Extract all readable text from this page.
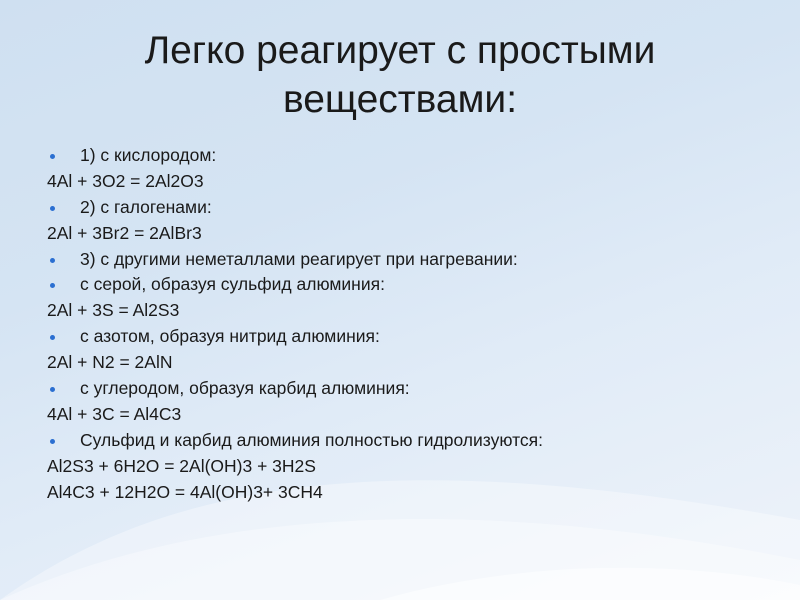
Легко реагирует с простыми веществами:
1) с кислородом:
4Al + 3O2 = 2Al2O3
2) с галогенами:
2Al + 3Br2 = 2AlBr3
3) с другими неметаллами реагирует при нагревании:
с серой, образуя сульфид алюминия:
2Al + 3S = Al2S3
с азотом, образуя нитрид алюминия:
2Al + N2 = 2AlN
с углеродом, образуя карбид алюминия:
4Al + 3C = Al4C3
Сульфид и карбид алюминия полностью гидролизуются:
Al2S3 + 6H2O = 2Al(OH)3 + 3H2S
Al4C3 + 12H2O = 4Al(OH)3+ 3CH4
